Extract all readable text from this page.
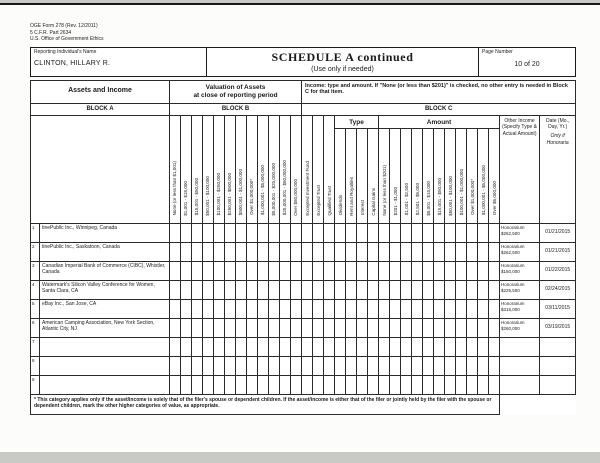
OGE Form 278 (Rev. 12/2011)
5 C.F.R. Part 2634
U.S. Office of Government Ethics
Reporting Individual's Name
CLINTON, HILLARY R.	SCHEDULE A continued
(Use only if needed)
Page Number
10 of 20
Assets and Income		Valuation of Assets
at close of reporting period												Income: type and amount. If "None (or less than $201)" is checked, no other entry is needed in Block C for that item.																			
BLOCK A		BLOCK B												BLOCK C																			
		None (or less than $1,001)	$1,001 - $15,000	$15,001 - $50,000	$50,001 - $100,000	$100,001 - $250,000	$250,001 - $500,000	$500,001 - $1,000,000	Over $1,000,000*	$1,000,001 - $5,000,000	$5,000,001 - $25,000,000	$25,000,001 - $50,000,000	Over $50,000,000	Excepted Investment Fund	Excepted Trust	Qualified Trust	Type				Amount											Other Income (Specify Type & Actual Amount)	Date (Mo., Day, Yr.)
Only if Honoraria

																	Dividends	Rent and Royalties	Interest	Capital Gains	None (or less than $201)	$201 - $1,000	$1,001 - $2,500	$2,501 - $5,000	$5,001 - $15,000	$15,001 - $50,000	$50,001 - $100,000	$100,001 - $1,000,000	Over $1,000,000*	$1,000,001 - $5,000,000	Over $5,000,000		
1	tinePublic Inc., Winnipeg, Canada																															Honorarium
$262,500	01/21/2015
2	tinePublic Inc., Saskatoon, Canada																															Honorarium
$262,500	01/21/2015
3	Canadian Imperial Bank of Commerce (CIBC), Whistler, Canada																															Honorarium
$150,000	01/22/2015
4	Watermark's Silicon Valley Conference for Women, Santa Clara, CA																															Honorarium
$225,500	02/24/2015
5	eBay Inc., San Jose, CA																															Honorarium
$315,000	03/11/2015
6	American Camping Association, New York Section, Atlantic City, NJ																															Honorarium
$260,000	03/19/2015
7																																

8																																

9																																

* This category applies only if the asset/income is solely that of the filer's spouse or dependent children. If the asset/income is either that of the filer or jointly held by the filer with the spouse or dependent children, mark the other higher categories of value, as appropriate.																																	
